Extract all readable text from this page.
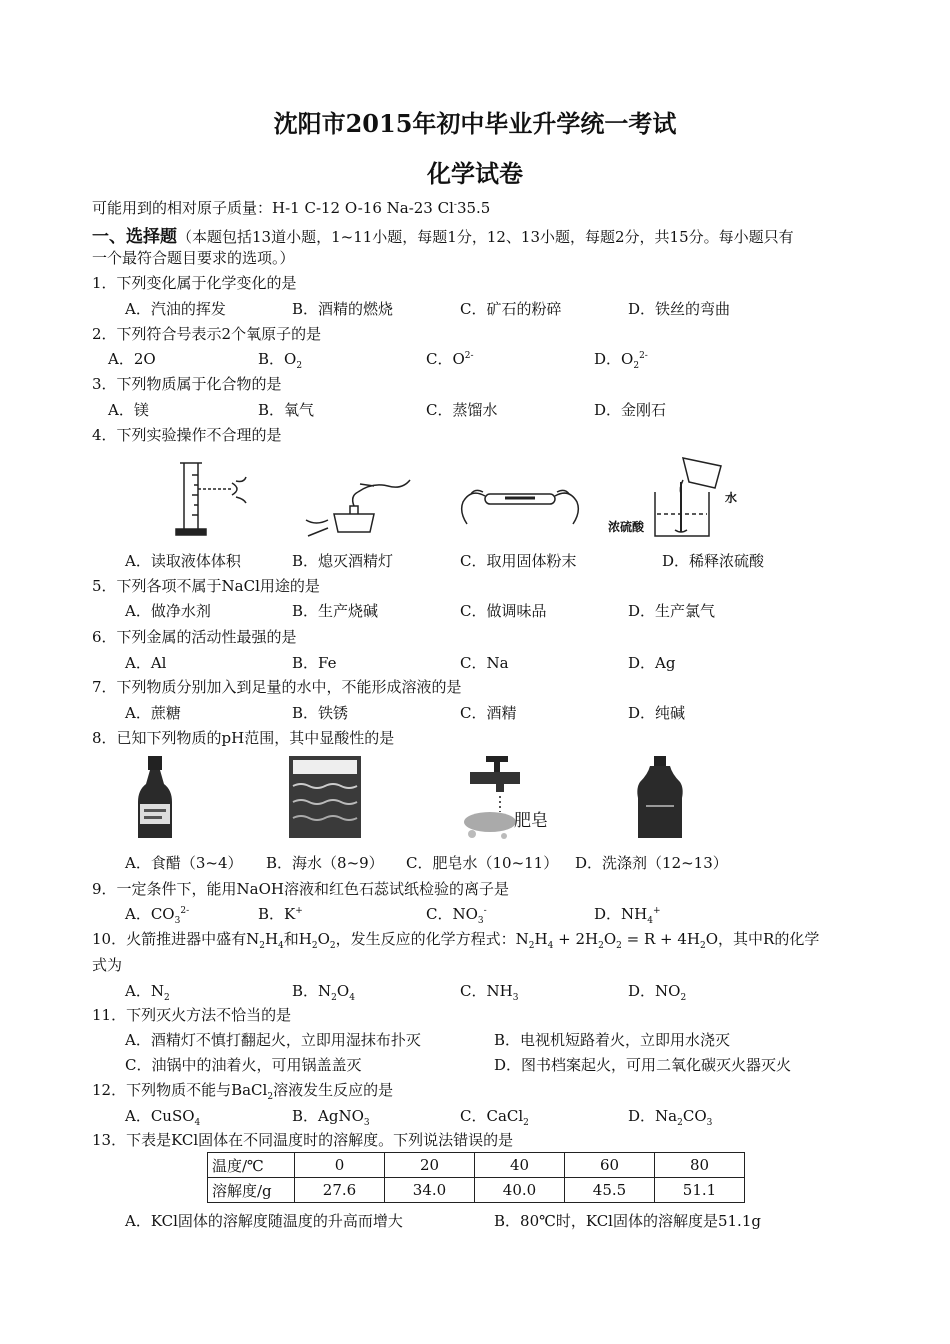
沈阳市2015年初中毕业升学统一考试
化学试卷
可能用到的相对原子质量：H-1 C-12 O-16 Na-23 Cl-35.5
一、选择题（本题包括13道小题，1~11小题，每题1分，12、13小题，每题2分，共15分。每小题只有
一个最符合题目要求的选项。）
1．下列变化属于化学变化的是
A．汽油的挥发	B．酒精的燃烧	C．矿石的粉碎	D．铁丝的弯曲
2．下列符合号表示2个氧原子的是
A．2O	B．$O_2$	C．$O^{2-}$	D．$O_2^{2-}$
3．下列物质属于化合物的是
A．镁	B．氧气	C．蒸馏水	D．金刚石
4．下列实验操作不合理的是
浓硫酸
水
A．读取液体体积	B．熄灭酒精灯	C．取用固体粉末	D．稀释浓硫酸
5．下列各项不属于NaCl用途的是
A．做净水剂	B．生产烧碱	C．做调味品	D．生产氯气
6．下列金属的活动性最强的是
A．Al	B．Fe	C．Na	D．Ag
7．下列物质分别加入到足量的水中，不能形成溶液的是
A．蔗糖	B．铁锈	C．酒精	D．纯碱
8．已知下列物质的pH范围，其中显酸性的是
肥皂
A．食醋（3~4） B．海水（8~9） C．肥皂水（10~11） D．洗涤剂（12~13）
9．一定条件下，能用NaOH溶液和红色石蕊试纸检验的离子是
A．$CO_3^{2-}$	B．K+	C．$NO_3^-$	D．$NH_4^+$
10．火箭推进器中盛有$N_2H_4$和$H_2O_2$，发生反应的化学方程式：$N_2H_4 + 2H_2O_2 = R + 4H_2O$，其中R的化学
式为
A．$N_2$	B．$N_2O_4$	C．$NH_3$	D．$NO_2$
11．下列灭火方法不恰当的是
A．酒精灯不慎打翻起火，立即用湿抹布扑灭	B．电视机短路着火，立即用水浇灭
C．油锅中的油着火，可用锅盖盖灭	D．图书档案起火，可用二氧化碳灭火器灭火
12．下列物质不能与BaCl$_2$溶液发生反应的是
A．CuSO$_4$	B．AgNO$_3$	C．CaCl$_2$	D．$Na_2CO_3$
13．下表是KCl固体在不同温度时的溶解度。下列说法错误的是
温度/℃	0	20	40	60	80
溶解度/g	27.6	34.0	40.0	45.5	51.1
A．KCl固体的溶解度随温度的升高而增大	B．80℃时，KCl固体的溶解度是51.1g
